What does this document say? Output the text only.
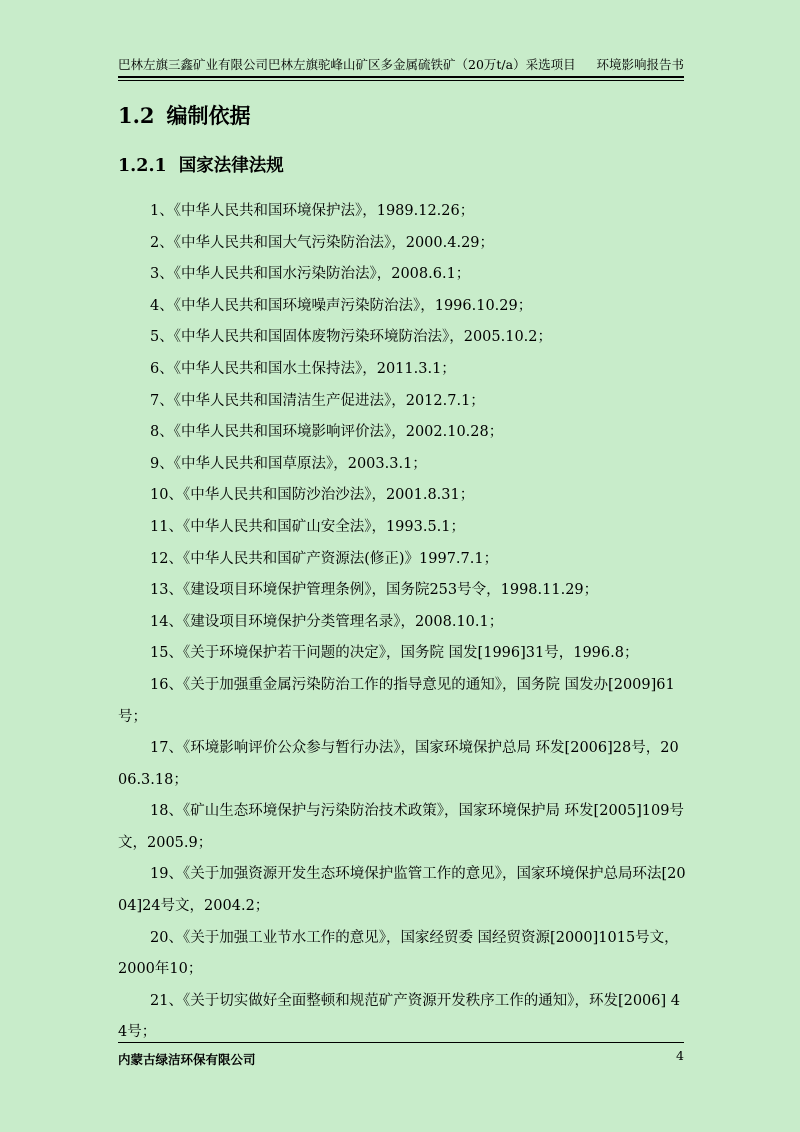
巴林左旗三鑫矿业有限公司巴林左旗驼峰山矿区多金属硫铁矿（20万t/a）采选项目 环境影响报告书
1.2 编制依据
1.2.1 国家法律法规
1、《中华人民共和国环境保护法》，1989.12.26；
2、《中华人民共和国大气污染防治法》，2000.4.29；
3、《中华人民共和国水污染防治法》，2008.6.1；
4、《中华人民共和国环境噪声污染防治法》，1996.10.29；
5、《中华人民共和国固体废物污染环境防治法》，2005.10.2；
6、《中华人民共和国水土保持法》，2011.3.1；
7、《中华人民共和国清洁生产促进法》，2012.7.1；
8、《中华人民共和国环境影响评价法》，2002.10.28；
9、《中华人民共和国草原法》，2003.3.1；
10、《中华人民共和国防沙治沙法》，2001.8.31；
11、《中华人民共和国矿山安全法》，1993.5.1；
12、《中华人民共和国矿产资源法(修正)》1997.7.1；
13、《建设项目环境保护管理条例》，国务院253号令，1998.11.29；
14、《建设项目环境保护分类管理名录》，2008.10.1；
15、《关于环境保护若干问题的决定》，国务院 国发[1996]31号，1996.8；
16、《关于加强重金属污染防治工作的指导意见的通知》，国务院 国发办[2009]61号；
17、《环境影响评价公众参与暂行办法》，国家环境保护总局 环发[2006]28号，2006.3.18；
18、《矿山生态环境保护与污染防治技术政策》，国家环境保护局 环发[2005]109号文，2005.9；
19、《关于加强资源开发生态环境保护监管工作的意见》，国家环境保护总局环法[2004]24号文，2004.2；
20、《关于加强工业节水工作的意见》，国家经贸委 国经贸资源[2000]1015号文，2000年10；
21、《关于切实做好全面整顿和规范矿产资源开发秩序工作的通知》，环发[2006] 44号；
内蒙古绿洁环保有限公司	4
